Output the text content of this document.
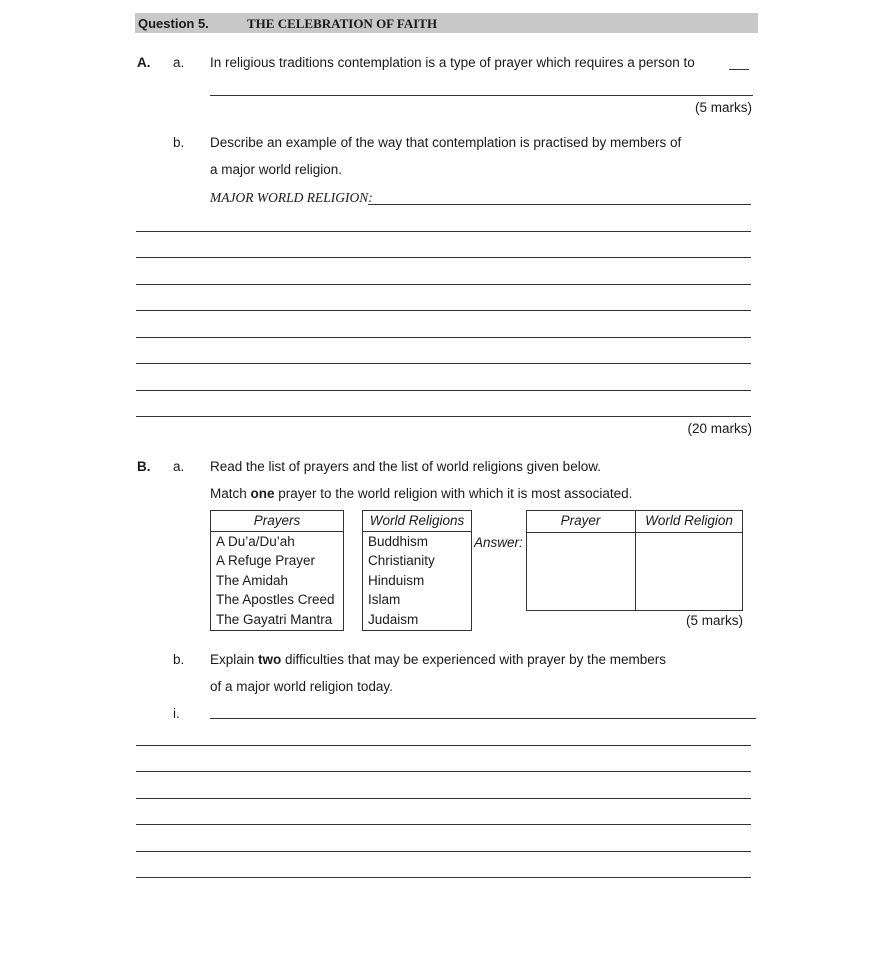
Question 5.	THE CELEBRATION OF FAITH
A. a. In religious traditions contemplation is a type of prayer which requires a person to
(5 marks)
b. Describe an example of the way that contemplation is practised by members of
a major world religion.
MAJOR WORLD RELIGION:
(20 marks)
B. a. Read the list of prayers and the list of world religions given below.
Match one prayer to the world religion with which it is most associated.
Prayers
A Du’a/Du’ah
A Refuge Prayer
The Amidah
The Apostles Creed
The Gayatri Mantra
World Religions
Buddhism
Christianity
Hinduism
Islam
Judaism
Answer:
Prayer	World Religion
(5 marks)
b. Explain two difficulties that may be experienced with prayer by the members
of a major world religion today.
i.
